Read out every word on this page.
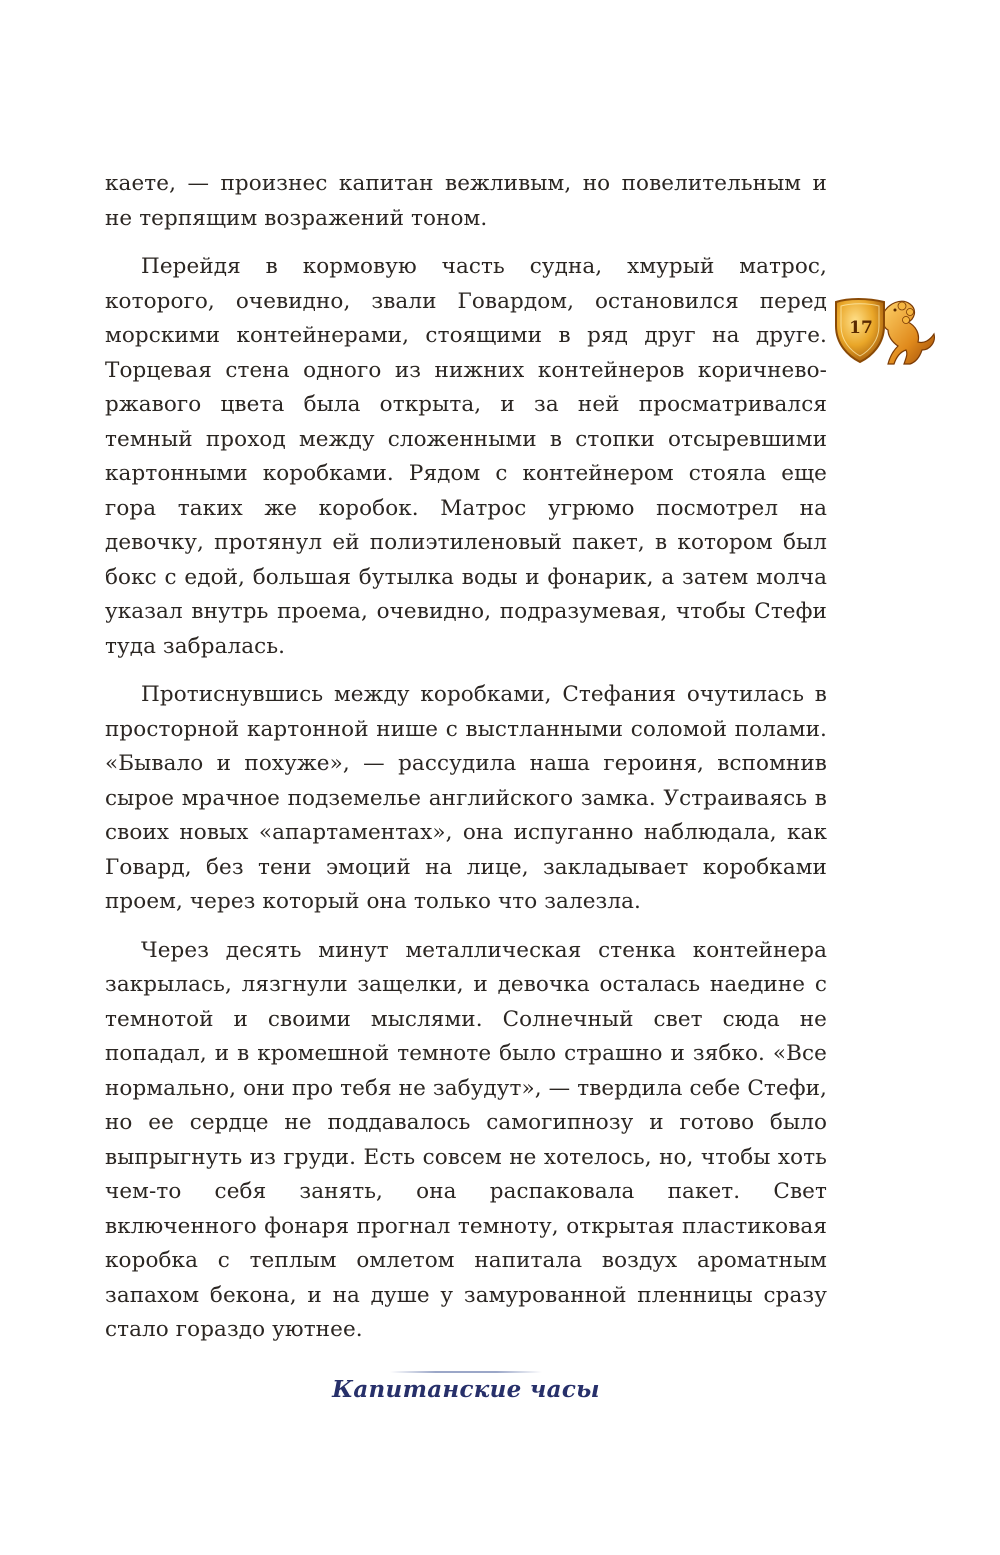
каете, — произнес капитан вежливым, но повелительным и не терпящим возражений тоном.

Перейдя в кормовую часть судна, хмурый матрос, которого, очевидно, звали Говардом, остановился перед морскими контейнерами, стоящими в ряд друг на друге. Торцевая стена одного из нижних контейнеров коричнево-ржавого цвета была открыта, и за ней просматривался темный проход между сложенными в стопки отсыревшими картонными коробками. Рядом с контейнером стояла еще гора таких же коробок. Матрос угрюмо посмотрел на девочку, протянул ей полиэтиленовый пакет, в котором был бокс с едой, большая бутылка воды и фонарик, а затем молча указал внутрь проема, очевидно, подразумевая, чтобы Стефи туда забралась.

Протиснувшись между коробками, Стефания очутилась в просторной картонной нише с выстланными соломой полами. «Бывало и похуже», — рассудила наша героиня, вспомнив сырое мрачное подземелье английского замка. Устраиваясь в своих новых «апартаментах», она испуганно наблюдала, как Говард, без тени эмоций на лице, закладывает коробками проем, через который она только что залезла.

Через десять минут металлическая стенка контейнера закрылась, лязгнули защелки, и девочка осталась наедине с темнотой и своими мыслями. Солнечный свет сюда не попадал, и в кромешной темноте было страшно и зябко. «Все нормально, они про тебя не забудут», — твердила себе Стефи, но ее сердце не поддавалось самогипнозу и готово было выпрыгнуть из груди. Есть совсем не хотелось, но, чтобы хоть чем-то себя занять, она распаковала пакет. Свет включенного фонаря прогнал темноту, открытая пластиковая коробка с теплым омлетом напитала воздух ароматным запахом бекона, и на душе у замурованной пленницы сразу стало гораздо уютнее.

17
Капитанские часы
